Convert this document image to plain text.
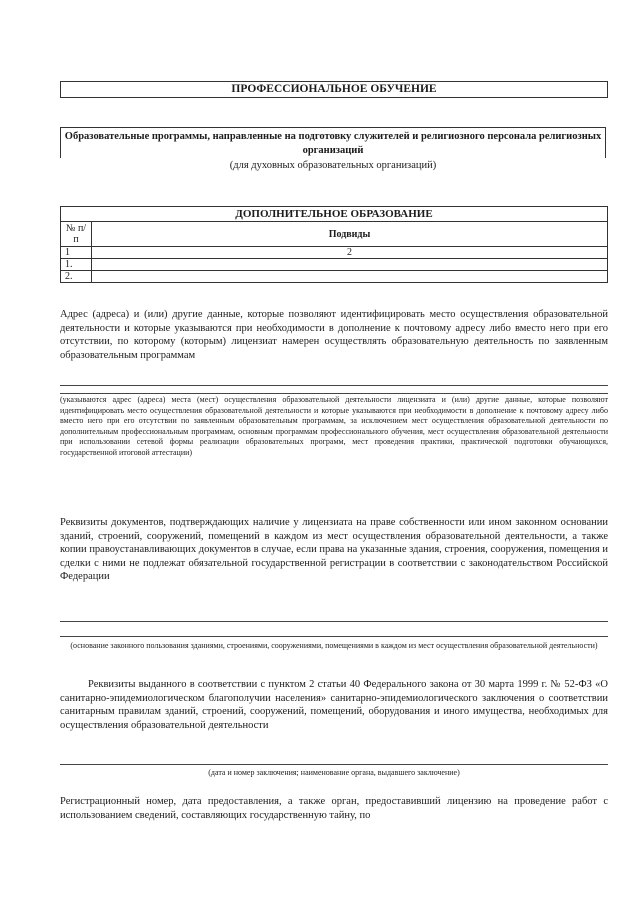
ПРОФЕССИОНАЛЬНОЕ ОБУЧЕНИЕ
Образовательные программы, направленные на подготовку служителей и религиозного персонала религиозных организаций
(для духовных образовательных организаций)
ДОПОЛНИТЕЛЬНОЕ ОБРАЗОВАНИЕ	
№ п/п	Подвиды
1	2
1.	
2.	
Адрес (адреса) и (или) другие данные, которые позволяют идентифицировать место осуществления образовательной деятельности и которые указываются при необходимости в дополнение к почтовому адресу либо вместо него при его отсутствии, по которому (которым) лицензиат намерен осуществлять образовательную деятельность по заявленным образовательным программам
(указываются адрес (адреса) места (мест) осуществления образовательной деятельности лицензиата и (или) другие данные, которые позволяют идентифицировать место осуществления образовательной деятельности и которые указываются при необходимости в дополнение к почтовому адресу либо вместо него при его отсутствии по заявленным образовательным программам, за исключением мест осуществления образовательной деятельности по дополнительным профессиональным программам, основным программам профессионального обучения, мест осуществления образовательной деятельности при использовании сетевой формы реализации образовательных программ, мест проведения практики, практической подготовки обучающихся, государственной итоговой аттестации)
Реквизиты документов, подтверждающих наличие у лицензиата на праве собственности или ином законном основании зданий, строений, сооружений, помещений в каждом из мест осуществления образовательной деятельности, а также копии правоустанавливающих документов в случае, если права на указанные здания, строения, сооружения, помещения и сделки с ними не подлежат обязательной государственной регистрации в соответствии с законодательством Российской Федерации
(основание законного пользования зданиями, строениями, сооружениями, помещениями в каждом из мест осуществления образовательной деятельности)
Реквизиты выданного в соответствии с пунктом 2 статьи 40 Федерального закона от 30 марта 1999 г. № 52-ФЗ «О санитарно-эпидемиологическом благополучии населения» санитарно-эпидемиологического заключения о соответствии санитарным правилам зданий, строений, сооружений, помещений, оборудования и иного имущества, необходимых для осуществления образовательной деятельности
(дата и номер заключения; наименование органа, выдавшего заключение)
Регистрационный номер, дата предоставления, а также орган, предоставивший лицензию на проведение работ с использованием сведений, составляющих государственную тайну, по
